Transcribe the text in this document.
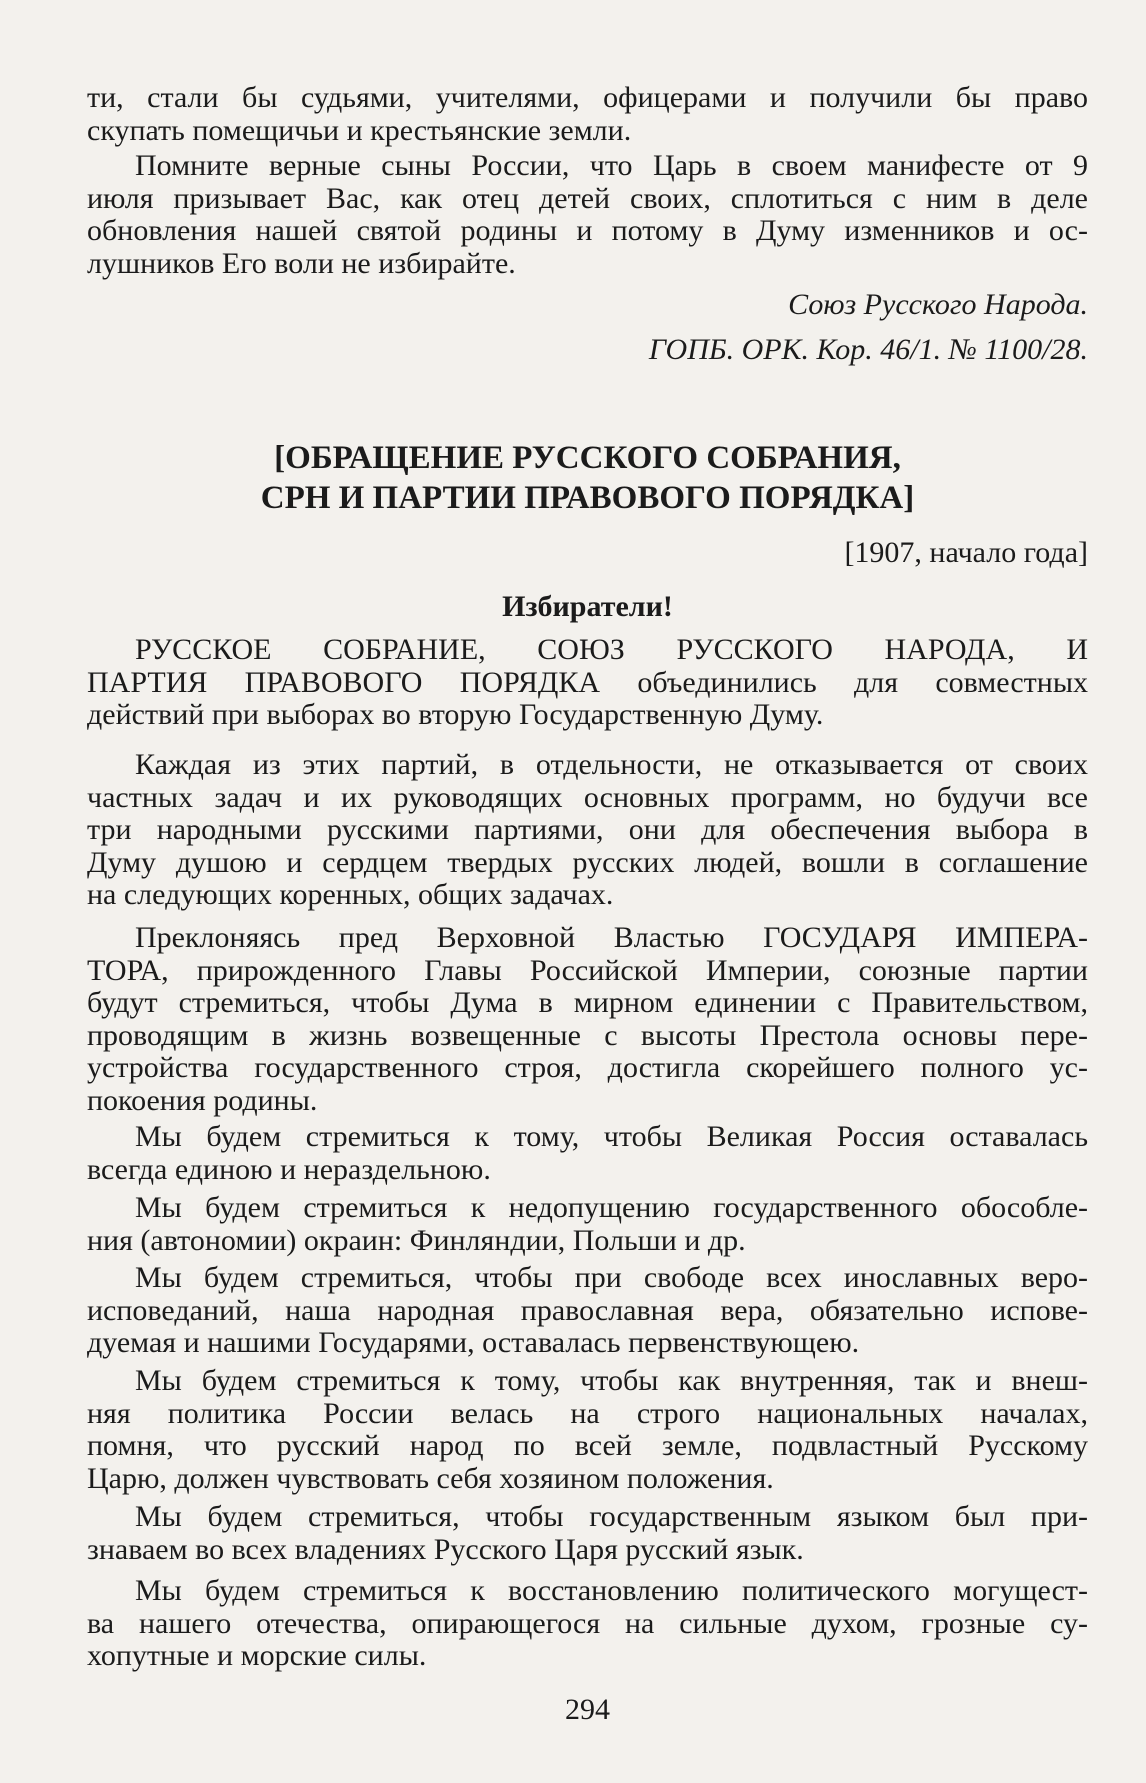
ти, стали бы судьями, учителями, офицерами и получили бы право
скупать помещичьи и крестьянские земли.
Помните верные сыны России, что Царь в своем манифесте от 9
июля призывает Вас, как отец детей своих, сплотиться с ним в деле
обновления нашей святой родины и потому в Думу изменников и ос-
лушников Его воли не избирайте.
Союз Русского Народа.
ГОПБ. ОРК. Кор. 46/1. № 1100/28.
[ОБРАЩЕНИЕ РУССКОГО СОБРАНИЯ,
СРН И ПАРТИИ ПРАВОВОГО ПОРЯДКА]
[1907, начало года]
Избиратели!
РУССКОЕ СОБРАНИЕ, СОЮЗ РУССКОГО НАРОДА, И
ПАРТИЯ ПРАВОВОГО ПОРЯДКА объединились для совместных
действий при выборах во вторую Государственную Думу.
Каждая из этих партий, в отдельности, не отказывается от своих
частных задач и их руководящих основных программ, но будучи все
три народными русскими партиями, они для обеспечения выбора в
Думу душою и сердцем твердых русских людей, вошли в соглашение
на следующих коренных, общих задачах.
Преклоняясь пред Верховной Властью ГОСУДАРЯ ИМПЕРА-
ТОРА, прирожденного Главы Российской Империи, союзные партии
будут стремиться, чтобы Дума в мирном единении с Правительством,
проводящим в жизнь возвещенные с высоты Престола основы пере-
устройства государственного строя, достигла скорейшего полного ус-
покоения родины.
Мы будем стремиться к тому, чтобы Великая Россия оставалась
всегда единою и нераздельною.
Мы будем стремиться к недопущению государственного обособле-
ния (автономии) окраин: Финляндии, Польши и др.
Мы будем стремиться, чтобы при свободе всех инославных веро-
исповеданий, наша народная православная вера, обязательно испове-
дуемая и нашими Государями, оставалась первенствующею.
Мы будем стремиться к тому, чтобы как внутренняя, так и внеш-
няя политика России велась на строго национальных началах,
помня, что русский народ по всей земле, подвластный Русскому
Царю, должен чувствовать себя хозяином положения.
Мы будем стремиться, чтобы государственным языком был при-
знаваем во всех владениях Русского Царя русский язык.
Мы будем стремиться к восстановлению политического могущест-
ва нашего отечества, опирающегося на сильные духом, грозные су-
хопутные и морские силы.
294
